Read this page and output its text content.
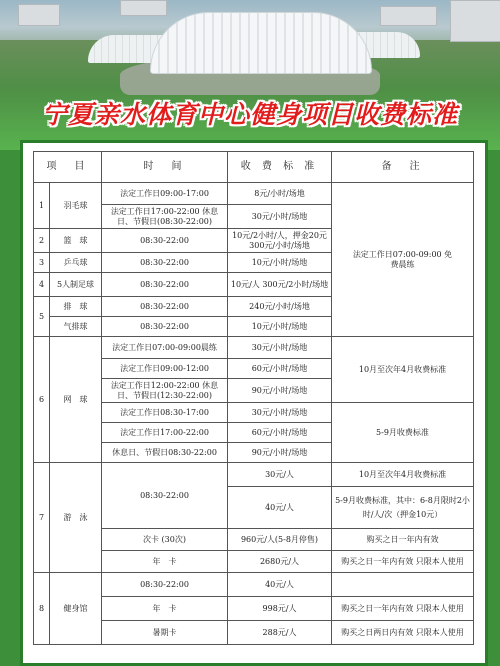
宁夏亲水体育中心健身项目收费标准
项　目		时　间	收 费 标 准	备　注
1	羽毛球	法定工作日09:00-17:00	8元/小时/场地	法定工作日07:00-09:00 免费晨练
		法定工作日17:00-22:00 休息日、节假日(08:30-22:00)	30元/小时/场地	
2	篮　球	08:30-22:00	10元/2小时/人，押金20元 300元/小时/场地	
3	乒乓球	08:30-22:00	10元/小时/场地	
4	5人制足球	08:30-22:00	10元/人 300元/2小时/场地	
5	排　球	08:30-22:00	240元/小时/场地	
	气排球	08:30-22:00	10元/小时/场地	
6	网　球	法定工作日07:00-09:00晨练	30元/小时/场地	10月至次年4月收费标准
		法定工作日09:00-12:00	60元/小时/场地	
		法定工作日12:00-22:00 休息日、节假日(12:30-22:00)	90元/小时/场地	
		法定工作日08:30-17:00	30元/小时/场地	5-9月收费标准
		法定工作日17:00-22:00	60元/小时/场地	
		休息日、节假日08:30-22:00	90元/小时/场地	
7	游　泳	08:30-22:00	30元/人	10月至次年4月收费标准
			40元/人	5-9月收费标准，其中：6-8月限时2小时/人/次（押金10元）
		次卡 (30次)	960元/人(5-8月停售)	购买之日一年内有效
		年　卡	2680元/人	购买之日一年内有效 只限本人使用
8	健身馆	08:30-22:00	40元/人	
		年　卡	998元/人	购买之日一年内有效 只限本人使用
		暑期卡	288元/人	购买之日两日内有效 只限本人使用
